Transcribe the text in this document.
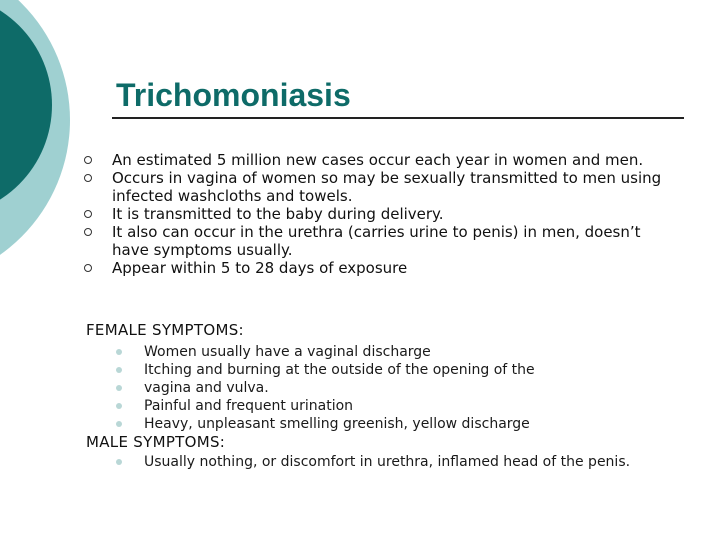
Trichomoniasis
An estimated 5 million new cases occur each year in women and men.
Occurs in vagina of women so may be sexually transmitted to men using infected washcloths and towels.
It is transmitted to the baby during delivery.
It also can occur in the urethra (carries urine to penis) in men, doesn’t have symptoms usually.
Appear within 5 to 28 days of exposure
FEMALE SYMPTOMS:
Women usually have a vaginal discharge
Itching and burning at the outside of the opening of the
vagina and vulva.
Painful and frequent urination
Heavy, unpleasant smelling greenish, yellow discharge
MALE SYMPTOMS:
Usually nothing, or discomfort in urethra, inflamed head of the penis.
